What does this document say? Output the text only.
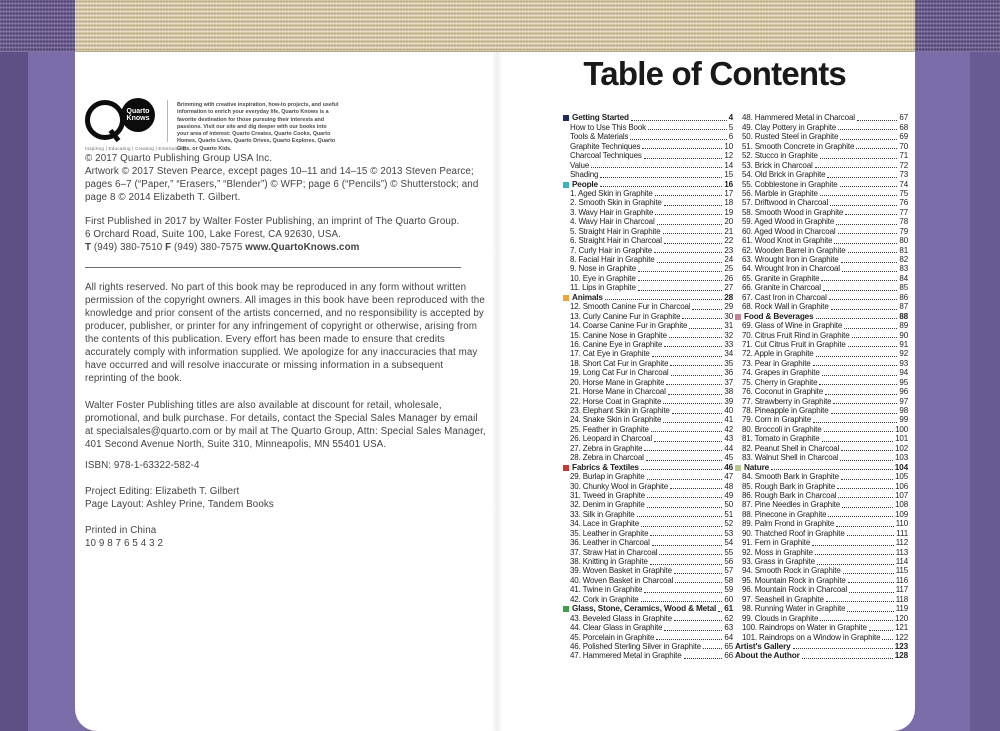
Quarto
Knows
Inspiring | Educating | Creating | Entertaining
Brimming with creative inspiration, how-to projects, and useful information to enrich your everyday life, Quarto Knows is a favorite destination for those pursuing their interests and passions. Visit our site and dig deeper with our books into your area of interest: Quarto Creates, Quarto Cooks, Quarto Homes, Quarto Lives, Quarto Drives, Quarto Explores, Quarto Gifts, or Quarto Kids.

© 2017 Quarto Publishing Group USA Inc.

Artwork © 2017 Steven Pearce, except pages 10–11 and 14–15 © 2013 Steven Pearce; pages 6–7 (“Paper,” “Erasers,” “Blender”) © WFP; page 6 (“Pencils”) © Shutterstock; and page 8 © 2014 Elizabeth T. Gilbert.

First Published in 2017 by Walter Foster Publishing, an imprint of The Quarto Group.

6 Orchard Road, Suite 100, Lake Forest, CA 92630, USA.

T (949) 380-7510 F (949) 380-7575 www.QuartoKnows.com

All rights reserved. No part of this book may be reproduced in any form without written permission of the copyright owners. All images in this book have been reproduced with the knowledge and prior consent of the artists concerned, and no responsibility is accepted by producer, publisher, or printer for any infringement of copyright or otherwise, arising from the contents of this publication. Every effort has been made to ensure that credits accurately comply with information supplied. We apologize for any inaccuracies that may have occurred and will resolve inaccurate or missing information in a subsequent reprinting of the book.

Walter Foster Publishing titles are also available at discount for retail, wholesale, promotional, and bulk purchase. For details, contact the Special Sales Manager by email at specialsales@quarto.com or by mail at The Quarto Group, Attn: Special Sales Manager, 401 Second Avenue North, Suite 310, Minneapolis, MN 55401 USA.

ISBN: 978-1-63322-582-4

Project Editing: Elizabeth T. Gilbert

Page Layout: Ashley Prine, Tandem Books

Printed in China

10 9 8 7 6 5 4 3 2

Table of Contents
Getting Started	4
How to Use This Book	5
Tools & Materials	6
Graphite Techniques	10
Charcoal Techniques	12
Value	14
Shading	15
People	16
1. Aged Skin in Graphite	17
2. Smooth Skin in Graphite	18
3. Wavy Hair in Graphite	19
4. Wavy Hair in Charcoal	20
5. Straight Hair in Graphite	21
6. Straight Hair in Charcoal	22
7. Curly Hair in Graphite	23
8. Facial Hair in Graphite	24
9. Nose in Graphite	25
10. Eye in Graphite	26
11. Lips in Graphite	27
Animals	28
12. Smooth Canine Fur in Charcoal	29
13. Curly Canine Fur in Graphite	30
14. Coarse Canine Fur in Graphite	31
15. Canine Nose in Graphite	32
16. Canine Eye in Graphite	33
17. Cat Eye in Graphite	34
18. Short Cat Fur in Graphite	35
19. Long Cat Fur in Charcoal	36
20. Horse Mane in Graphite	37
21. Horse Mane in Charcoal	38
22. Horse Coat in Graphite	39
23. Elephant Skin in Graphite	40
24. Snake Skin in Graphite	41
25. Feather in Graphite	42
26. Leopard in Charcoal	43
27. Zebra in Graphite	44
28. Zebra in Charcoal	45
Fabrics & Textiles	46
29. Burlap in Graphite	47
30. Chunky Wool in Graphite	48
31. Tweed in Graphite	49
32. Denim in Graphite	50
33. Silk in Graphite	51
34. Lace in Graphite	52
35. Leather in Graphite	53
36. Leather in Charcoal	54
37. Straw Hat in Charcoal	55
38. Knitting in Graphite	56
39. Woven Basket in Graphite	57
40. Woven Basket in Charcoal	58
41. Twine in Graphite	59
42. Cork in Graphite	60
Glass, Stone, Ceramics, Wood & Metal 61
43. Beveled Glass in Graphite	62
44. Clear Glass in Graphite	63
45. Porcelain in Graphite	64
46. Polished Sterling Silver in Graphite	65
47. Hammered Metal in Graphite	66
48. Hammered Metal in Charcoal	67
49. Clay Pottery in Graphite	68
50. Rusted Steel in Graphite	69
51. Smooth Concrete in Graphite	70
52. Stucco in Graphite	71
53. Brick in Charcoal	72
54. Old Brick in Graphite	73
55. Cobblestone in Graphite	74
56. Marble in Graphite	75
57. Driftwood in Charcoal	76
58. Smooth Wood in Graphite	77
59. Aged Wood in Graphite	78
60. Aged Wood in Charcoal	79
61. Wood Knot in Graphite	80
62. Wooden Barrel in Graphite	81
63. Wrought Iron in Graphite	82
64. Wrought Iron in Charcoal	83
65. Granite in Graphite	84
66. Granite in Charcoal	85
67. Cast Iron in Charcoal	86
68. Rock Wall in Graphite	87
Food & Beverages	88
69. Glass of Wine in Graphite	89
70. Citrus Fruit Rind in Graphite	90
71. Cut Citrus Fruit in Graphite	91
72. Apple in Graphite	92
73. Pear in Graphite	93
74. Grapes in Graphite	94
75. Cherry in Graphite	95
76. Coconut in Graphite	96
77. Strawberry in Graphite	97
78. Pineapple in Graphite	98
79. Corn in Graphite	99
80. Broccoli in Graphite	100
81. Tomato in Graphite	101
82. Peanut Shell in Charcoal	102
83. Walnut Shell in Charcoal	103
Nature	104
84. Smooth Bark in Graphite	105
85. Rough Bark in Graphite	106
86. Rough Bark in Charcoal	107
87. Pine Needles in Graphite	108
88. Pinecone in Graphite	109
89. Palm Frond in Graphite	110
90. Thatched Roof in Graphite	111
91. Fern in Graphite	112
92. Moss in Graphite	113
93. Grass in Graphite	114
94. Smooth Rock in Graphite	115
95. Mountain Rock in Graphite	116
96. Mountain Rock in Charcoal	117
97. Seashell in Graphite	118
98. Running Water in Graphite	119
99. Clouds in Graphite	120
100. Raindrops on Water in Graphite	121
101. Raindrops on a Window in Graphite 122
Artist's Gallery	123
About the Author	128
